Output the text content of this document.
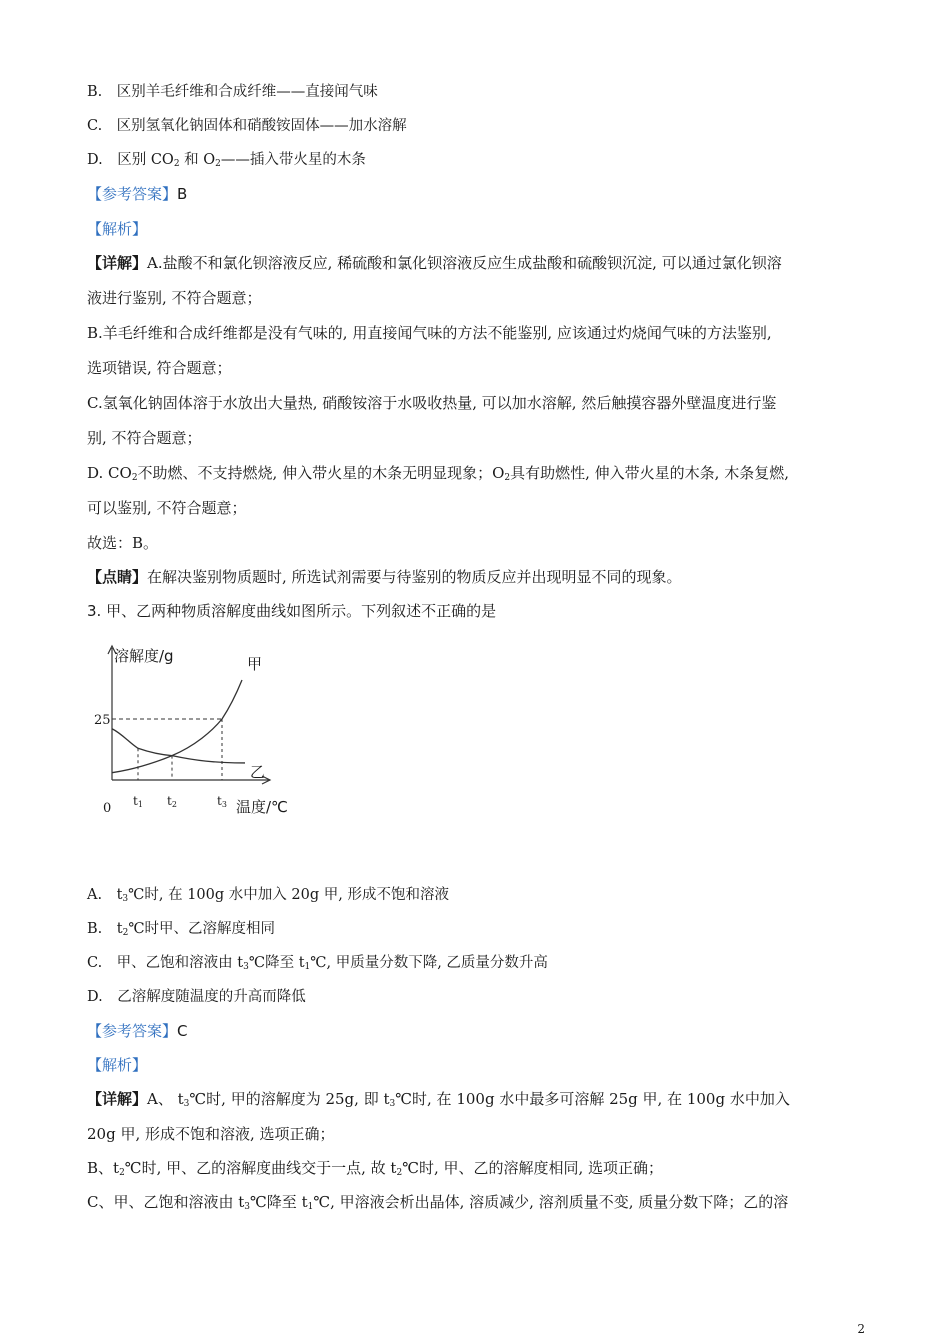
B.　区别羊毛纤维和合成纤维——直接闻气味
C.　区别氢氧化钠固体和硝酸铵固体——加水溶解
D.　区别 $CO_2$ 和 $O_2——$插入带火星的木条
【参考答案】B
【解析】
【详解】A.盐酸不和氯化钡溶液反应, 稀硫酸和氯化钡溶液反应生成盐酸和硫酸钡沉淀, 可以通过氯化钡溶
液进行鉴别, 不符合题意；
B.羊毛纤维和合成纤维都是没有气味的, 用直接闻气味的方法不能鉴别, 应该通过灼烧闻气味的方法鉴别,
选项错误, 符合题意；
C.氢氧化钠固体溶于水放出大量热, 硝酸铵溶于水吸收热量, 可以加水溶解, 然后触摸容器外壁温度进行鉴
别, 不符合题意；
D. $CO_2$不助燃、不支持燃烧, 伸入带火星的木条无明显现象；$O_2$具有助燃性, 伸入带火星的木条, 木条复燃,
可以鉴别, 不符合题意；
故选：B。
【点睛】在解决鉴别物质题时, 所选试剂需要与待鉴别的物质反应并出现明显不同的现象。
3. 甲、乙两种物质溶解度曲线如图所示。下列叙述不正确的是
溶解度/g
温度/℃
0
25
甲
乙
t1 t2	t3
A.　$t_3℃$时, 在 100g 水中加入 20g 甲, 形成不饱和溶液
B.　$t_2℃$时甲、乙溶解度相同
C.　甲、乙饱和溶液由 $t_3℃$降至 $t_1℃$, 甲质量分数下降, 乙质量分数升高
D.　乙溶解度随温度的升高而降低
【参考答案】C
【解析】
【详解】A、 $t_3℃$时, 甲的溶解度为 25g, 即 $t_3℃$时, 在 100g 水中最多可溶解 25g 甲, 在 100g 水中加入
20g 甲, 形成不饱和溶液, 选项正确；
B、$t_2℃$时, 甲、乙的溶解度曲线交于一点, 故 $t_2℃$时, 甲、乙的溶解度相同, 选项正确；
C、甲、乙饱和溶液由 $t_3℃$降至 $t_1℃$, 甲溶液会析出晶体, 溶质减少, 溶剂质量不变, 质量分数下降；乙的溶
2
